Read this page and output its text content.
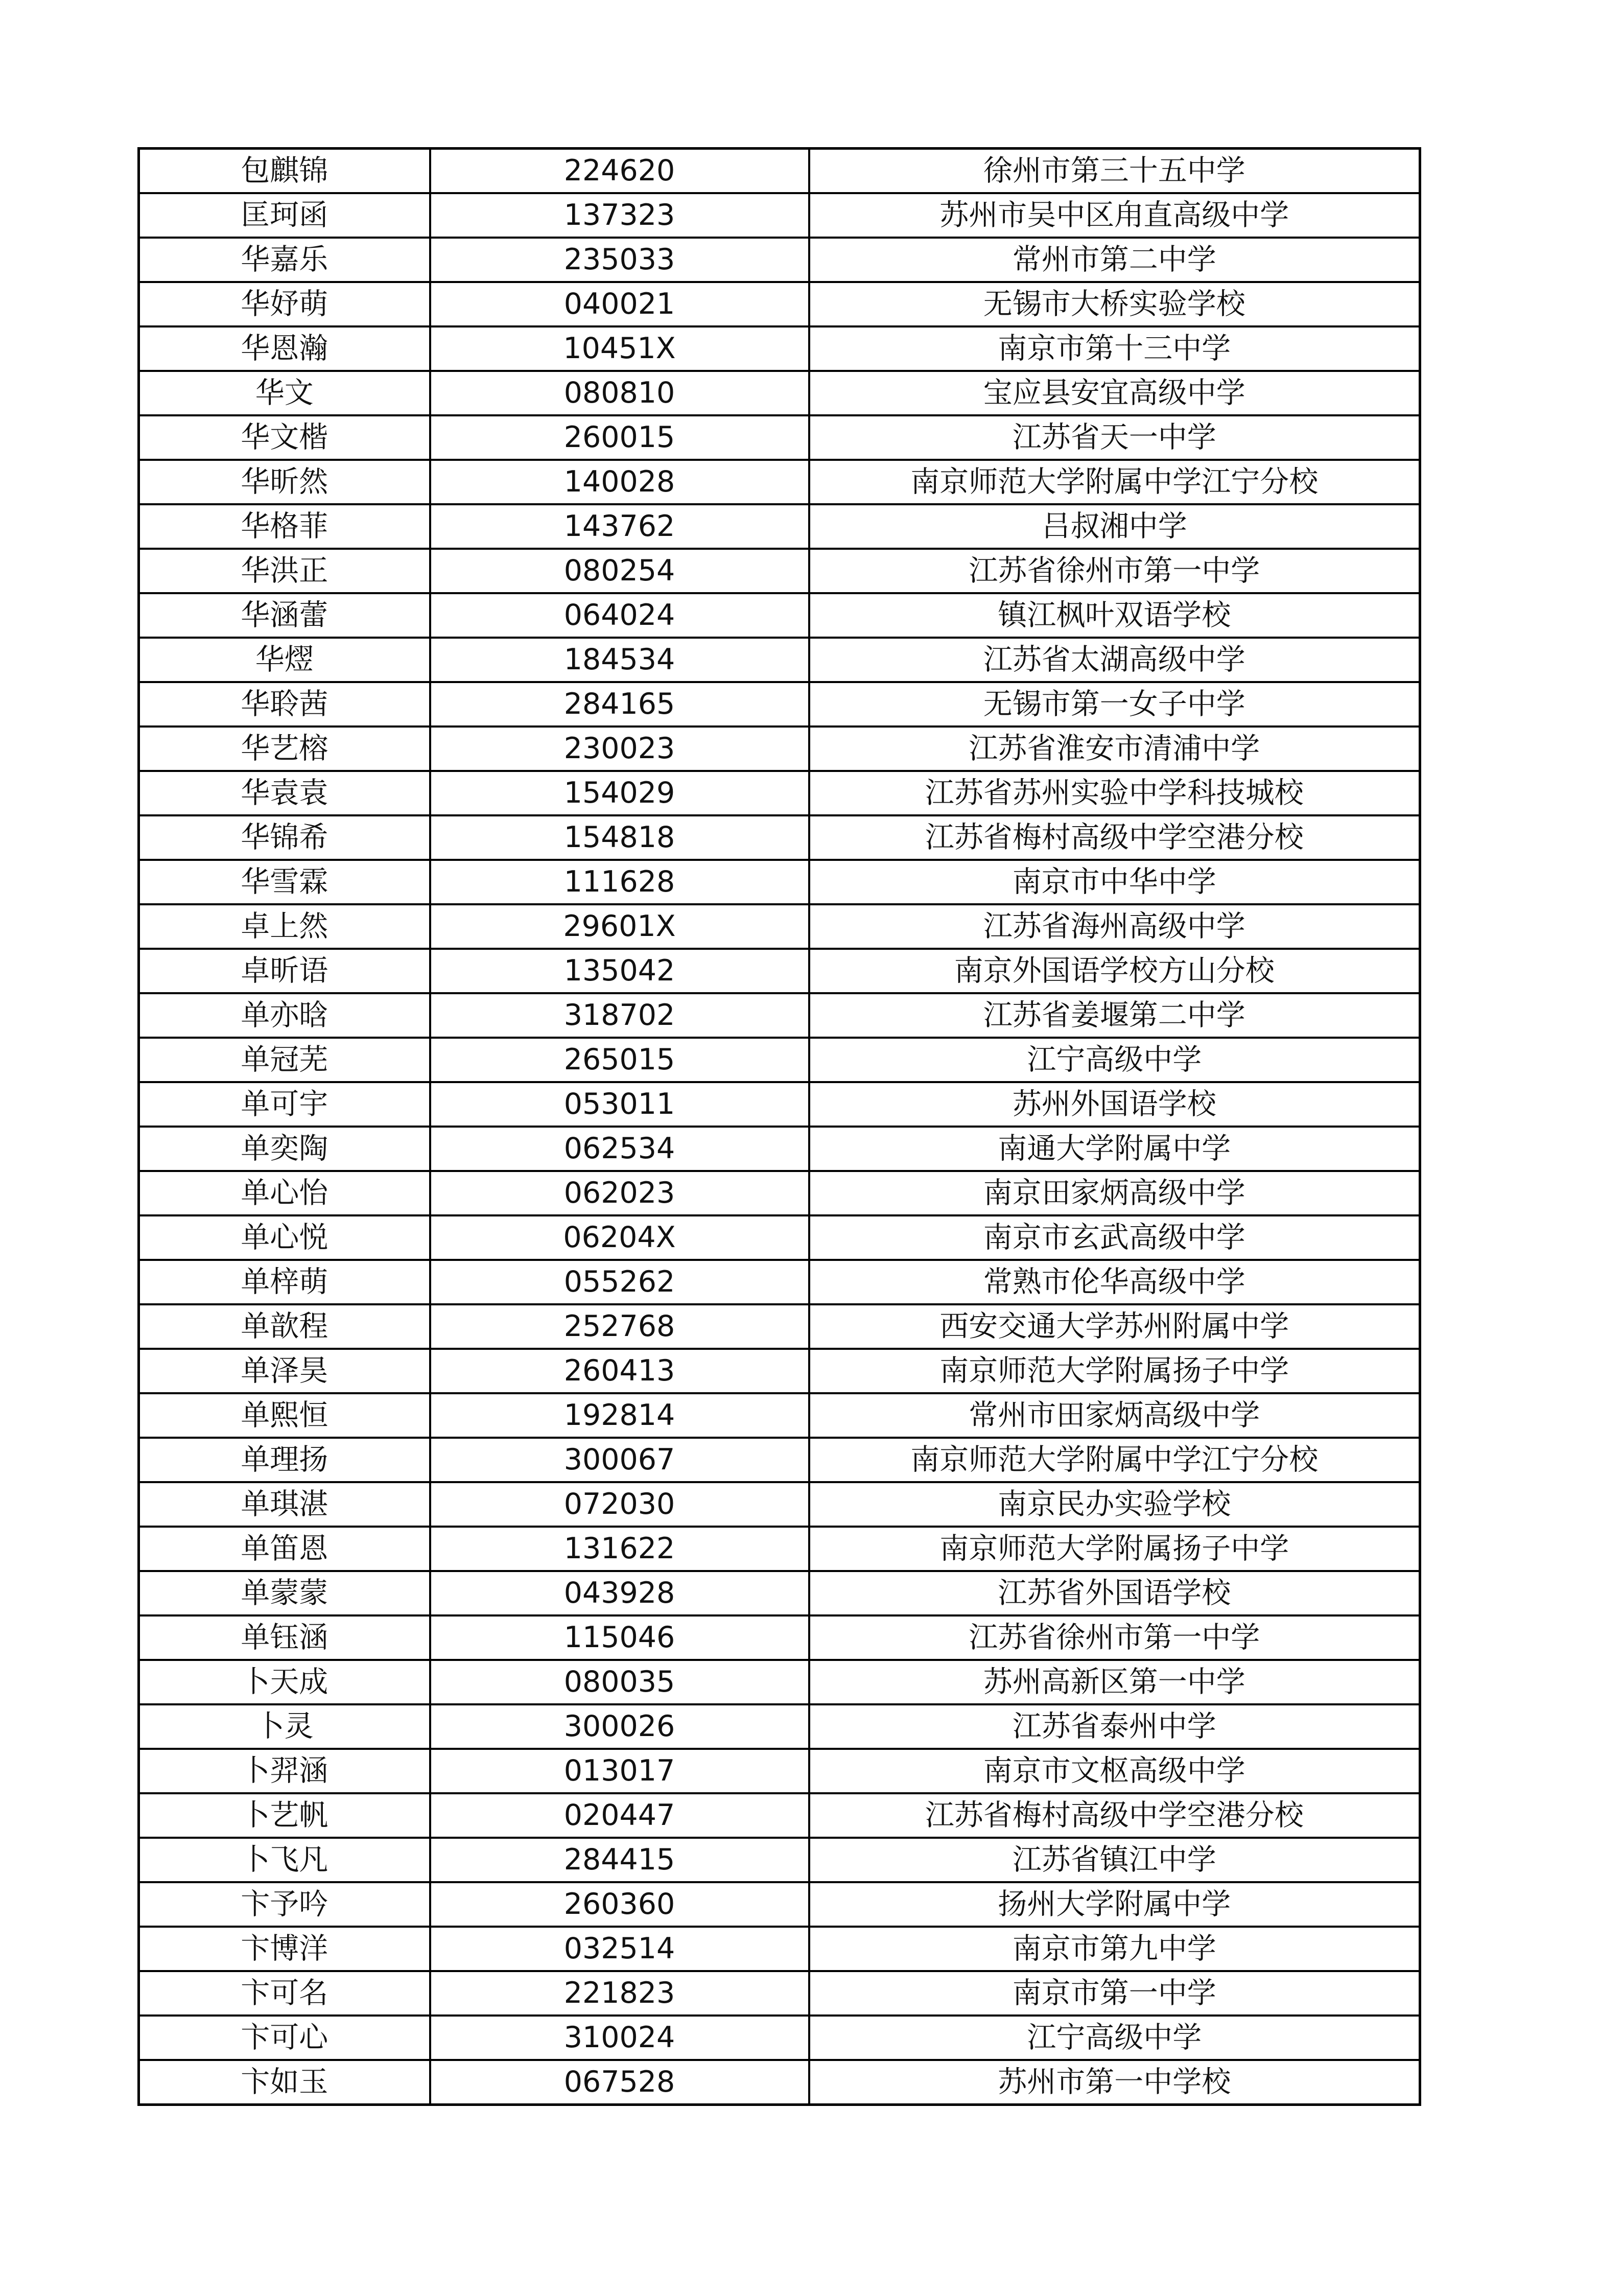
包麒锦	224620	徐州市第三十五中学
匡珂函	137323	苏州市吴中区甪直高级中学
华嘉乐	235033	常州市第二中学
华妤萌	040021	无锡市大桥实验学校
华恩瀚	10451X	南京市第十三中学
华文	080810	宝应县安宜高级中学
华文楷	260015	江苏省天一中学
华昕然	140028	南京师范大学附属中学江宁分校
华格菲	143762	吕叔湘中学
华洪正	080254	江苏省徐州市第一中学
华涵蕾	064024	镇江枫叶双语学校
华熤	184534	江苏省太湖高级中学
华聆茜	284165	无锡市第一女子中学
华艺榕	230023	江苏省淮安市清浦中学
华袁袁	154029	江苏省苏州实验中学科技城校
华锦希	154818	江苏省梅村高级中学空港分校
华雪霖	111628	南京市中华中学
卓上然	29601X	江苏省海州高级中学
卓昕语	135042	南京外国语学校方山分校
单亦晗	318702	江苏省姜堰第二中学
单冠芜	265015	江宁高级中学
单可宇	053011	苏州外国语学校
单奕陶	062534	南通大学附属中学
单心怡	062023	南京田家炳高级中学
单心悦	06204X	南京市玄武高级中学
单梓萌	055262	常熟市伦华高级中学
单歆程	252768	西安交通大学苏州附属中学
单泽昊	260413	南京师范大学附属扬子中学
单熙恒	192814	常州市田家炳高级中学
单理扬	300067	南京师范大学附属中学江宁分校
单琪湛	072030	南京民办实验学校
单笛恩	131622	南京师范大学附属扬子中学
单蒙蒙	043928	江苏省外国语学校
单钰涵	115046	江苏省徐州市第一中学
卜天成	080035	苏州高新区第一中学
卜灵	300026	江苏省泰州中学
卜羿涵	013017	南京市文枢高级中学
卜艺帆	020447	江苏省梅村高级中学空港分校
卜飞凡	284415	江苏省镇江中学
卞予吟	260360	扬州大学附属中学
卞博洋	032514	南京市第九中学
卞可名	221823	南京市第一中学
卞可心	310024	江宁高级中学
卞如玉	067528	苏州市第一中学校
